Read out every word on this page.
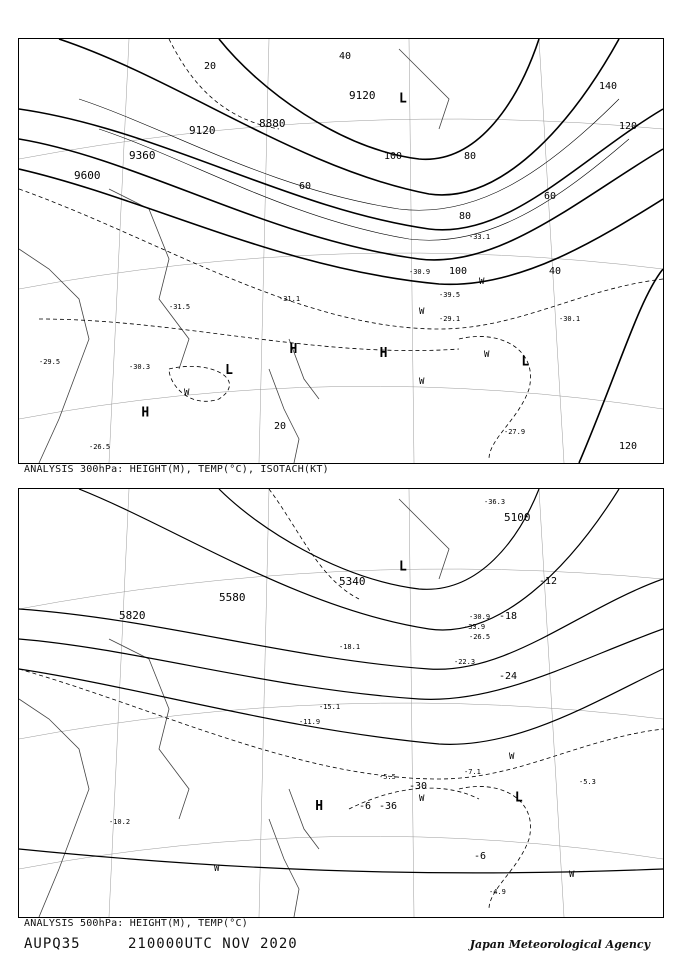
8880
9120
9360
9600
9120
20
40
60
80
100
120
140
20
40
60
80
100
120
-29.5
-30.3
-31.1
-31.5
-33.1
-30.9
-39.5
-30.1
-29.1
-27.9
-26.5
L
L
H	H
H
L
W
W
W
W
W
ANALYSIS 300hPa: HEIGHT(M), TEMP(°C), ISOTACH(KT)
5100
5340
5580
5820
-12
-18
-24
-30
-36
-6
-6
-36.3
-30.9
-33.9
-26.5
-22.3
-18.1
-15.1
-11.9
-5.5
-7.1
-4.9
-5.3
-10.2
L
H
L
W
W
W
W
ANALYSIS 500hPa: HEIGHT(M), TEMP(°C)
AUPQ35	210000UTC NOV 2020	Japan Meteorological Agency
